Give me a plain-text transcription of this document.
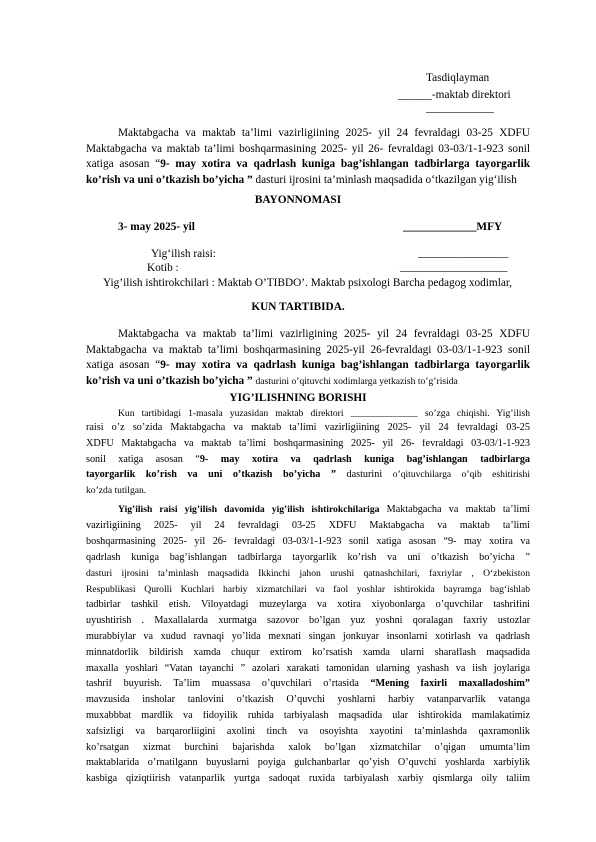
Tasdiqlayman
______-maktab direktori
____________
Maktabgacha va maktab ta’limi vazirligiining 2025- yil 24 fevraldagi 03-25 XDFU
Maktabgacha va maktab ta’limi boshqarmasining 2025- yil 26- fevraldagi 03-03/1-1-923 sonil
xatiga asosan “9- may xotira va qadrlash kuniga bag’ishlangan tadbirlarga tayorgarlik
ko’rish va uni o’tkazish bo’yicha ” dasturi ijrosini ta’minlash maqsadida o‘tkazilgan yig‘ilish
BAYONNOMASI
3- may 2025- yil	_____________MFY
Yig‘ilish raisi:	________________
Kotib :	___________________
Yig’ilish ishtirokchilari : Maktab O’TIBDO’. Maktab psixologi Barcha pedagog xodimlar,
KUN TARTIBIDA.
Maktabgacha va maktab ta’limi vazirligining 2025- yil 24 fevraldagi 03-25 XDFU
Maktabgacha va maktab ta’limi boshqarmasining 2025-yil 26-fevraldagi 03-03/1-1-923 sonil
xatiga asosan “9- may xotira va qadrlash kuniga bag’ishlangan tadbirlarga tayorgarlik
ko’rish va uni o’tkazish bo’yicha ” dasturini o’qituvchi xodimlarga yetkazish to’g’risida
YIG’ILISHNING BORISHI
Kun tartibidagi 1-masala yuzasidan maktab direktori ______________ so’zga chiqishi. Yig’ilish
raisi o’z so’zida Maktabgacha va maktab ta’limi vazirligiining 2025- yil 24 fevraldagi 03-25
XDFU Maktabgacha va maktab ta’limi boshqarmasining 2025- yil 26- fevraldagi 03-03/1-1-923
sonil xatiga asosan “9- may xotira va qadrlash kuniga bag’ishlangan tadbirlarga
tayorgarlik ko’rish va uni o’tkazish bo’yicha ” dasturini o’qituvchilarga o’qib eshitirishi
ko’zda tutilgan.
Yig’ilish raisi yig’ilish davomida yig’ilish ishtirokchilariga Maktabgacha va maktab ta’limi
vazirligiining 2025- yil 24 fevraldagi 03-25 XDFU Maktabgacha va maktab ta’limi
boshqarmasining 2025- yil 26- fevraldagi 03-03/1-1-923 sonil xatiga asosan “9- may xotira va
qadrlash kuniga bag’ishlangan tadbirlarga tayorgarlik ko’rish va uni o’tkazish bo’yicha ”
dasturi ijrosini ta’minlash maqsadida Ikkinchi jahon urushi qatnashchilari, faxriylar , O‘zbekiston
Respublikasi Qurolli Kuchlari harbiy xizmatchilari va faol yoshlar ishtirokida bayramga bag‘ishlab
tadbirlar tashkil etish. Viloyatdagi muzeylarga va xotira xiyobonlarga o’quvchilar tashrifini
uyushtirish . Maxallalarda xurmatga sazovor bo’lgan yuz yoshni qoralagan faxriy ustozlar
murabbiylar va xudud ravnaqi yo’lida mexnati singan jonkuyar insonlarni xotirlash va qadrlash
minnatdorlik bildirish xamda chuqur extirom ko’rsatish xamda ularni sharaflash maqsadida
maxalla yoshlari “Vatan tayanchi ” azolari xarakati tamonidan ularning yashash va iish joylariga
tashrif buyurish. Ta’lim muassasa o’quvchilari o’rtasida “Mening faxirli maxalladoshim”
mavzusida insholar tanlovini o’tkazish O’quvchi yoshlarni harbiy vatanparvarlik vatanga
muxabbbat mardlik va fidoyilik ruhida tarbiyalash maqsadida ular ishtirokida mamlakatimiz
xafsizligi va barqarorliigini axolini tinch va osoyishta xayotini ta’minlashda qaxramonlik
ko’rsatgan xizmat burchini bajarishda xalok bo’lgan xizmatchilar o’qigan umumta’lim
maktablarida o’rnatilgann buyuslarni poyiga gulchanbarlar qo’yish O’quvchi yoshlarda xarbiylik
kasbiga qiziqtiirish vatanparlik yurtga sadoqat ruxida tarbiyalash xarbiy qismlarga oily taliim
